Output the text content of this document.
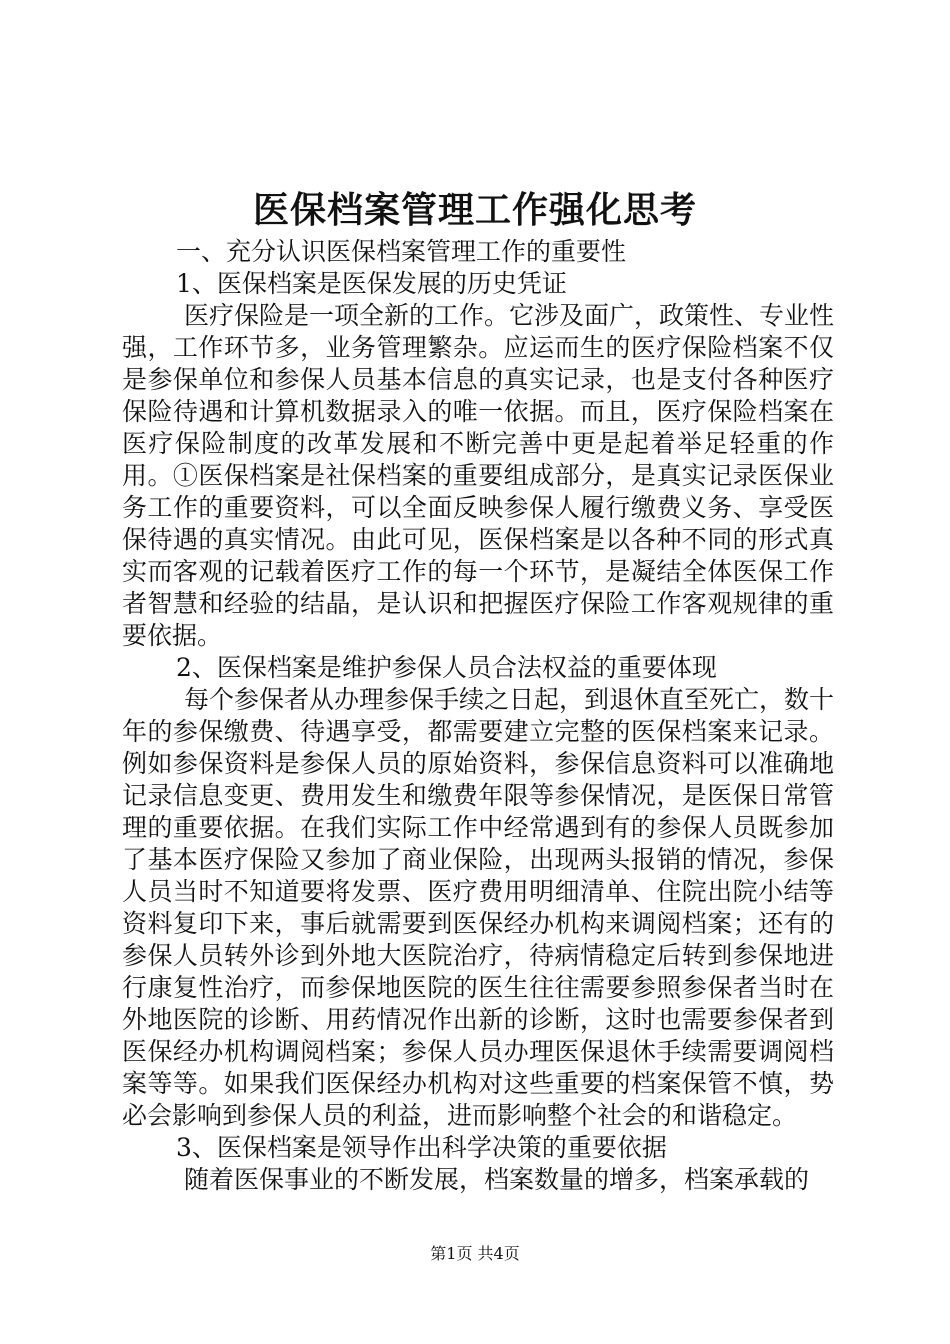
医保档案管理工作强化思考
一、充分认识医保档案管理工作的重要性
1、医保档案是医保发展的历史凭证

医疗保险是一项全新的工作。它涉及面广，政策性、专业性强，工作环节多，业务管理繁杂。应运而生的医疗保险档案不仅是参保单位和参保人员基本信息的真实记录，也是支付各种医疗保险待遇和计算机数据录入的唯一依据。而且，医疗保险档案在医疗保险制度的改革发展和不断完善中更是起着举足轻重的作用。①医保档案是社保档案的重要组成部分，是真实记录医保业务工作的重要资料，可以全面反映参保人履行缴费义务、享受医保待遇的真实情况。由此可见，医保档案是以各种不同的形式真实而客观的记载着医疗工作的每一个环节，是凝结全体医保工作者智慧和经验的结晶，是认识和把握医疗保险工作客观规律的重要依据。

2、医保档案是维护参保人员合法权益的重要体现

每个参保者从办理参保手续之日起，到退休直至死亡，数十年的参保缴费、待遇享受，都需要建立完整的医保档案来记录。例如参保资料是参保人员的原始资料，参保信息资料可以准确地记录信息变更、费用发生和缴费年限等参保情况，是医保日常管理的重要依据。在我们实际工作中经常遇到有的参保人员既参加了基本医疗保险又参加了商业保险，出现两头报销的情况，参保人员当时不知道要将发票、医疗费用明细清单、住院出院小结等资料复印下来，事后就需要到医保经办机构来调阅档案；还有的参保人员转外诊到外地大医院治疗，待病情稳定后转到参保地进行康复性治疗，而参保地医院的医生往往需要参照参保者当时在外地医院的诊断、用药情况作出新的诊断，这时也需要参保者到医保经办机构调阅档案；参保人员办理医保退休手续需要调阅档案等等。如果我们医保经办机构对这些重要的档案保管不慎，势必会影响到参保人员的利益，进而影响整个社会的和谐稳定。

3、医保档案是领导作出科学决策的重要依据

随着医保事业的不断发展，档案数量的增多，档案承载的

第1页 共4页
